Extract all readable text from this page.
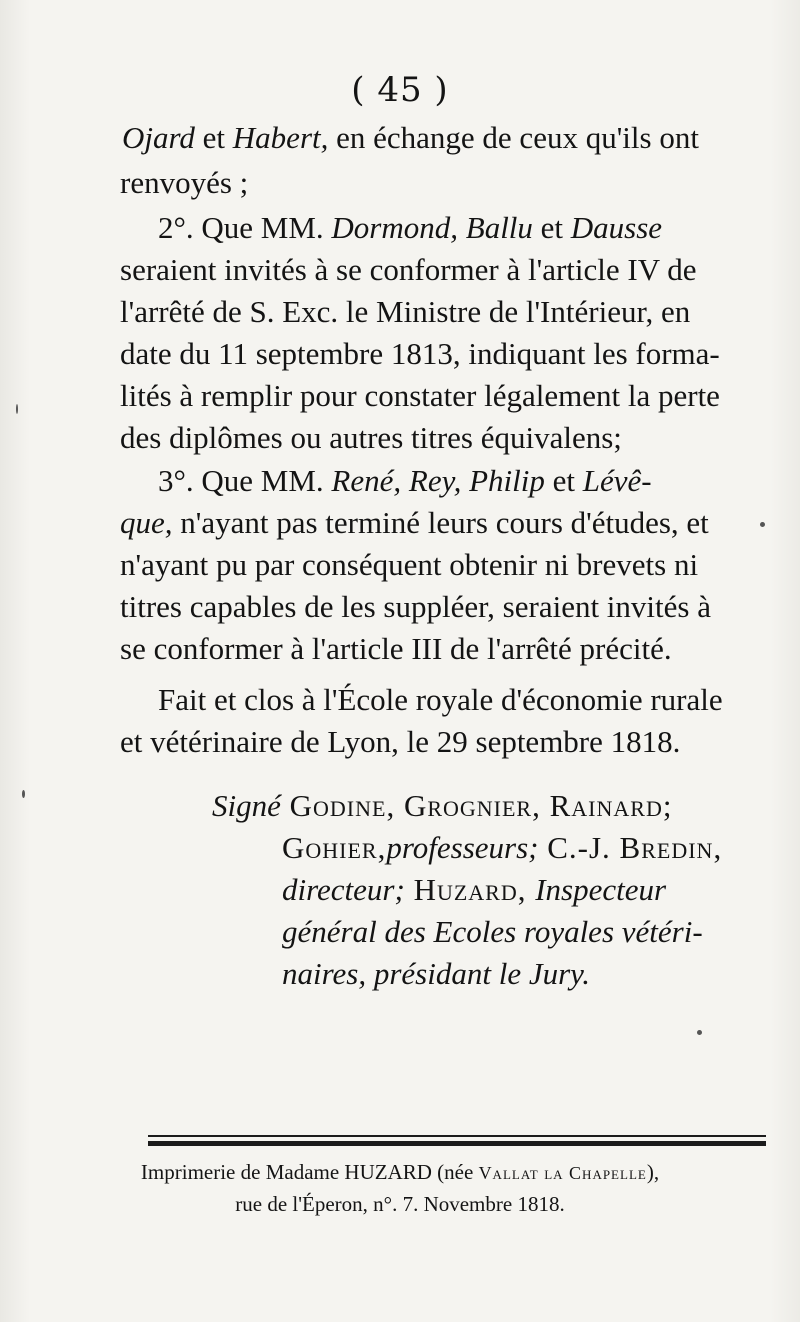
( 45 )
Ojard et Habert, en échange de ceux qu'ils ont
renvoyés ;
2°. Que MM. Dormond, Ballu et Dausse
seraient invités à se conformer à l'article IV de
l'arrêté de S. Exc. le Ministre de l'Intérieur, en
date du 11 septembre 1813, indiquant les forma-
lités à remplir pour constater légalement la perte
des diplômes ou autres titres équivalens;
3°. Que MM. René, Rey, Philip et Lévê-
que, n'ayant pas terminé leurs cours d'études, et
n'ayant pu par conséquent obtenir ni brevets ni
titres capables de les suppléer, seraient invités à
se conformer à l'article III de l'arrêté précité.
Fait et clos à l'École royale d'économie rurale
et vétérinaire de Lyon, le 29 septembre 1818.
Signé Godine, Grognier, Rainard;
Gohier,professeurs; C.-J. Bredin,
directeur; Huzard, Inspecteur
général des Ecoles royales vétéri-
naires, présidant le Jury.
Imprimerie de Madame HUZARD (née Vallat la Chapelle),
rue de l'Éperon, n°. 7. Novembre 1818.
